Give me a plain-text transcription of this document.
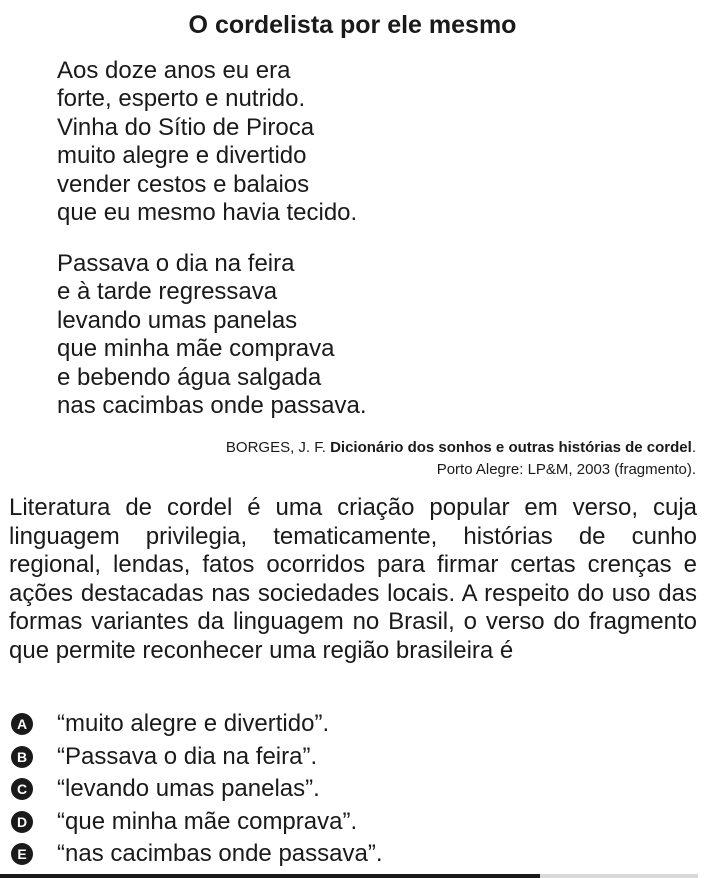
O cordelista por ele mesmo
Aos doze anos eu era
forte, esperto e nutrido.
Vinha do Sítio de Piroca
muito alegre e divertido
vender cestos e balaios
que eu mesmo havia tecido.
Passava o dia na feira
e à tarde regressava
levando umas panelas
que minha mãe comprava
e bebendo água salgada
nas cacimbas onde passava.
BORGES, J. F. Dicionário dos sonhos e outras histórias de cordel.
Porto Alegre: LP&M, 2003 (fragmento).
Literatura de cordel é uma criação popular em verso, cuja linguagem privilegia, tematicamente, histórias de cunho regional, lendas, fatos ocorridos para firmar certas crenças e ações destacadas nas sociedades locais. A respeito do uso das formas variantes da linguagem no Brasil, o verso do fragmento que permite reconhecer uma região brasileira é
A “muito alegre e divertido”.
B “Passava o dia na feira”.
C “levando umas panelas”.
D “que minha mãe comprava”.
E “nas cacimbas onde passava”.
